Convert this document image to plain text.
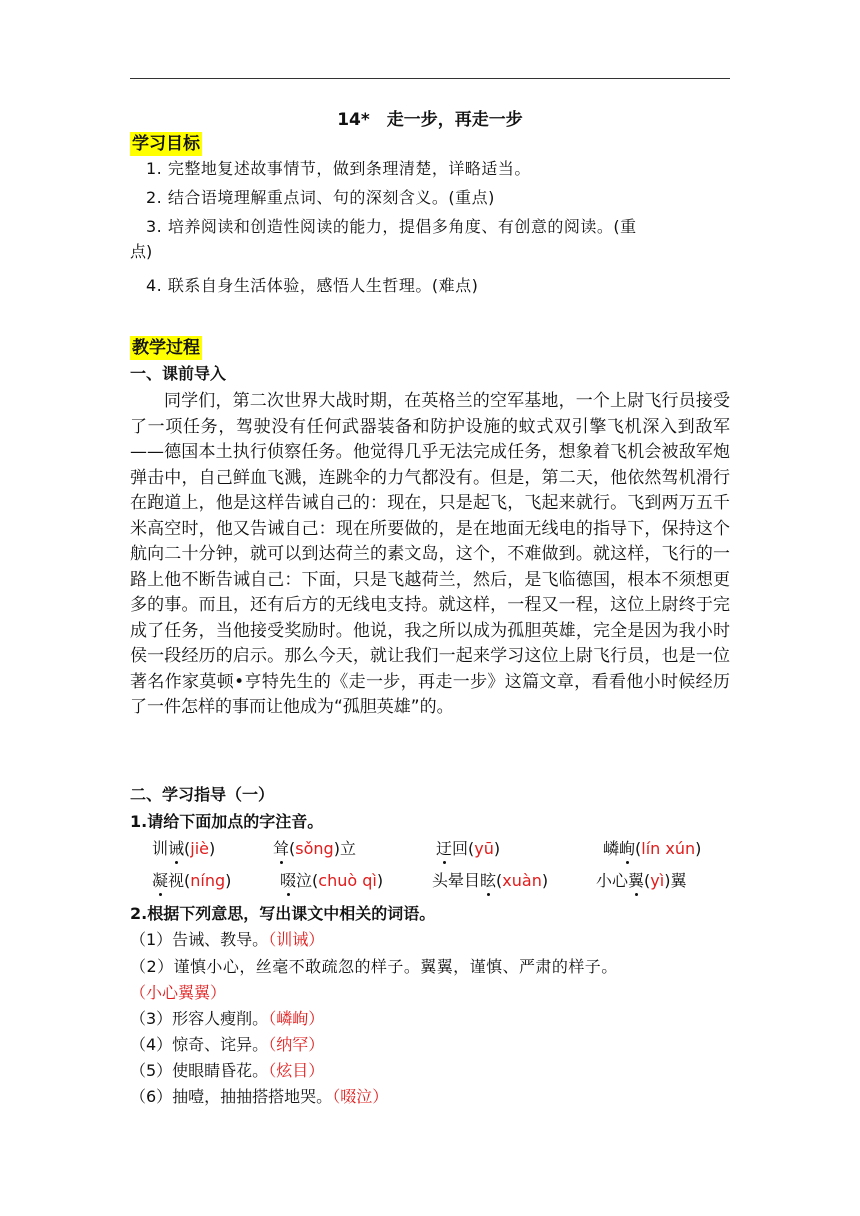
14*　走一步，再走一步
学习目标
1. 完整地复述故事情节，做到条理清楚，详略适当。
2. 结合语境理解重点词、句的深刻含义。(重点)
3. 培养阅读和创造性阅读的能力，提倡多角度、有创意的阅读。(重
点)
4. 联系自身生活体验，感悟人生哲理。(难点)
教学过程
一、课前导入

同学们，第二次世界大战时期，在英格兰的空军基地，一个上尉飞行员接受了一项任务，驾驶没有任何武器装备和防护设施的蚊式双引擎飞机深入到敌军——德国本土执行侦察任务。他觉得几乎无法完成任务，想象着飞机会被敌军炮弹击中，自己鲜血飞溅，连跳伞的力气都没有。但是，第二天，他依然驾机滑行在跑道上，他是这样告诫自己的：现在，只是起飞，飞起来就行。飞到两万五千米高空时，他又告诫自己：现在所要做的，是在地面无线电的指导下，保持这个航向二十分钟，就可以到达荷兰的素文岛，这个，不难做到。就这样，飞行的一路上他不断告诫自己：下面，只是飞越荷兰，然后，是飞临德国，根本不须想更多的事。而且，还有后方的无线电支持。就这样，一程又一程，这位上尉终于完成了任务，当他接受奖励时。他说，我之所以成为孤胆英雄，完全是因为我小时侯一段经历的启示。那么今天，就让我们一起来学习这位上尉飞行员，也是一位著名作家莫顿•亨特先生的《走一步，再走一步》这篇文章，看看他小时候经历了一件怎样的事而让他成为“孤胆英雄”的。

二、学习指导（一）
1.请给下面加点的字注音。
训诫(jiè)	耸(sǒng)立	迂回(yū)	嶙峋(lín xún)
凝视(níng)	啜泣(chuò qì)	头晕目眩(xuàn)	小心翼(yì)翼
2.根据下列意思，写出课文中相关的词语。
（1）告诫、教导。（训诫）
（2）谨慎小心，丝毫不敢疏忽的样子。翼翼，谨慎、严肃的样子。
（小心翼翼）
（3）形容人瘦削。（嶙峋）
（4）惊奇、诧异。（纳罕）
（5）使眼睛昏花。（炫目）
（6）抽噎，抽抽搭搭地哭。（啜泣）
